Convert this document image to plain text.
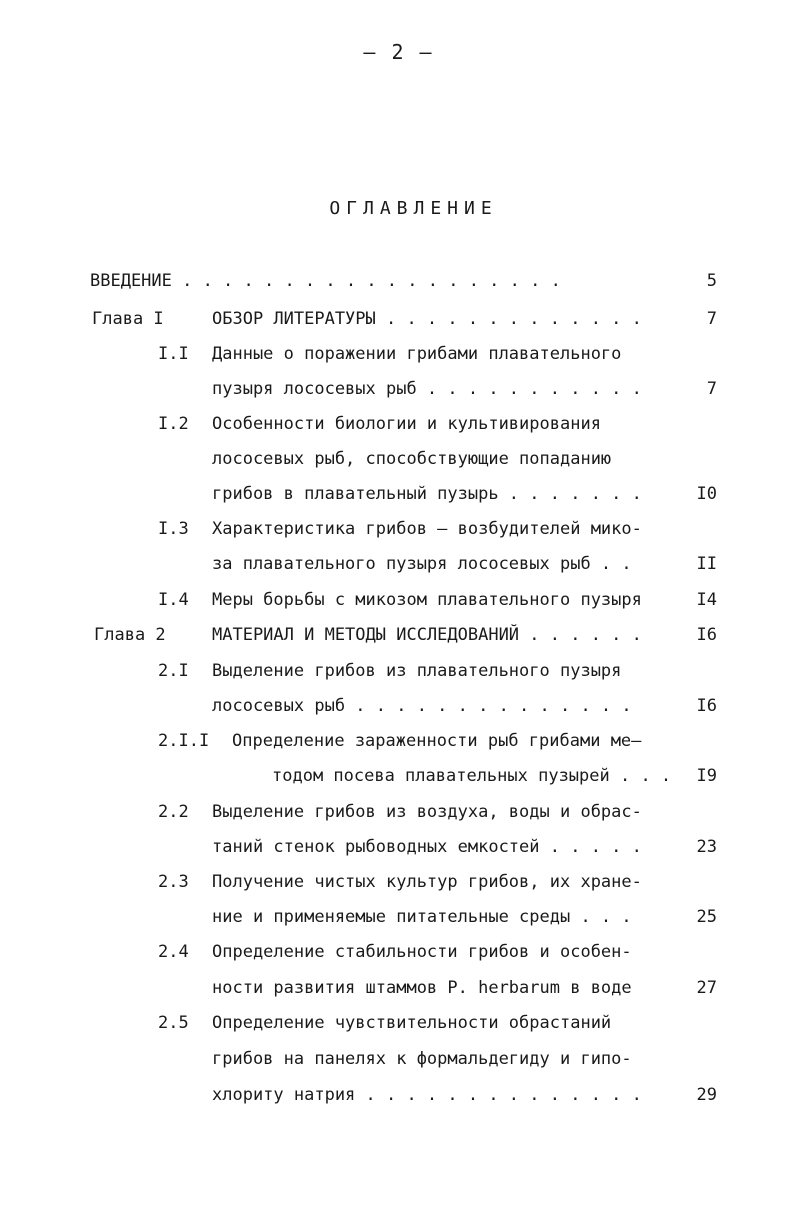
– 2 –
ОГЛАВЛЕНИЕ
ВВЕДЕНИЕ . . . . . . . . . . . . . . . . . . .	5
Глава I	ОБЗОР ЛИТЕРАТУРЫ . . . . . . . . . . . . .	7
I.I Данные о поражении грибами плавательного
пузыря лососевых рыб . . . . . . . . . . .	7
I.2 Особенности биологии и культивирования
лососевых рыб, способствующие попаданию
грибов в плавательный пузырь . . . . . . .	I0
I.3 Характеристика грибов – возбудителей мико-
за плавательного пузыря лососевых рыб . .	II
I.4 Меры борьбы с микозом плавательного пузыря	I4
Глава 2	МАТЕРИАЛ И МЕТОДЫ ИССЛЕДОВАНИЙ . . . . . .	I6
2.I Выделение грибов из плавательного пузыря
лососевых рыб . . . . . . . . . . . . . .	I6
2.I.I Определение зараженности рыб грибами ме–
тодом посева плавательных пузырей . . .	I9
2.2 Выделение грибов из воздуха, воды и обрас-
таний стенок рыбоводных емкостей . . . . .	23
2.3 Получение чистых культур грибов, их хране-
ние и применяемые питательные среды . . .	25
2.4 Определение стабильности грибов и особен-
ности развития штаммов P. herbarum в воде	27
2.5 Определение чувствительности обрастаний
грибов на панелях к формальдегиду и гипо-
хлориту натрия . . . . . . . . . . . . . .	29
